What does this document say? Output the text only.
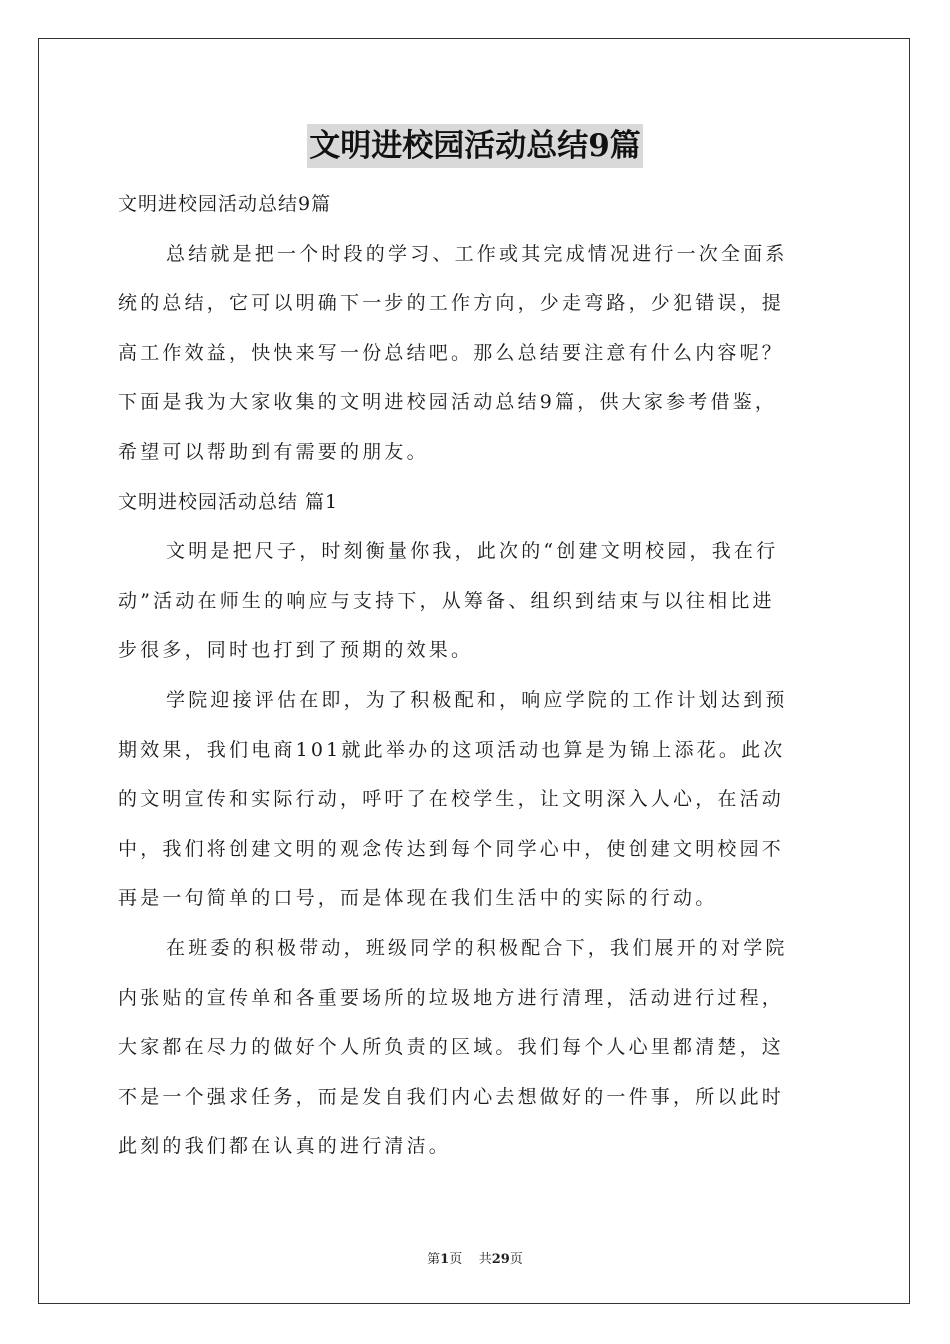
文明进校园活动总结9篇
文明进校园活动总结9篇
总结就是把一个时段的学习、工作或其完成情况进行一次全面系
统的总结，它可以明确下一步的工作方向，少走弯路，少犯错误，提
高工作效益，快快来写一份总结吧。那么总结要注意有什么内容呢？
下面是我为大家收集的文明进校园活动总结9篇，供大家参考借鉴，
希望可以帮助到有需要的朋友。
文明进校园活动总结 篇1
文明是把尺子，时刻衡量你我，此次的“创建文明校园，我在行
动”活动在师生的响应与支持下，从筹备、组织到结束与以往相比进
步很多，同时也打到了预期的效果。
学院迎接评估在即，为了积极配和，响应学院的工作计划达到预
期效果，我们电商101就此举办的这项活动也算是为锦上添花。此次
的文明宣传和实际行动，呼吁了在校学生，让文明深入人心，在活动
中，我们将创建文明的观念传达到每个同学心中，使创建文明校园不
再是一句简单的口号，而是体现在我们生活中的实际的行动。
在班委的积极带动，班级同学的积极配合下，我们展开的对学院
内张贴的宣传单和各重要场所的垃圾地方进行清理，活动进行过程，
大家都在尽力的做好个人所负责的区域。我们每个人心里都清楚，这
不是一个强求任务，而是发自我们内心去想做好的一件事，所以此时
此刻的我们都在认真的进行清洁。
第1页 共29页
